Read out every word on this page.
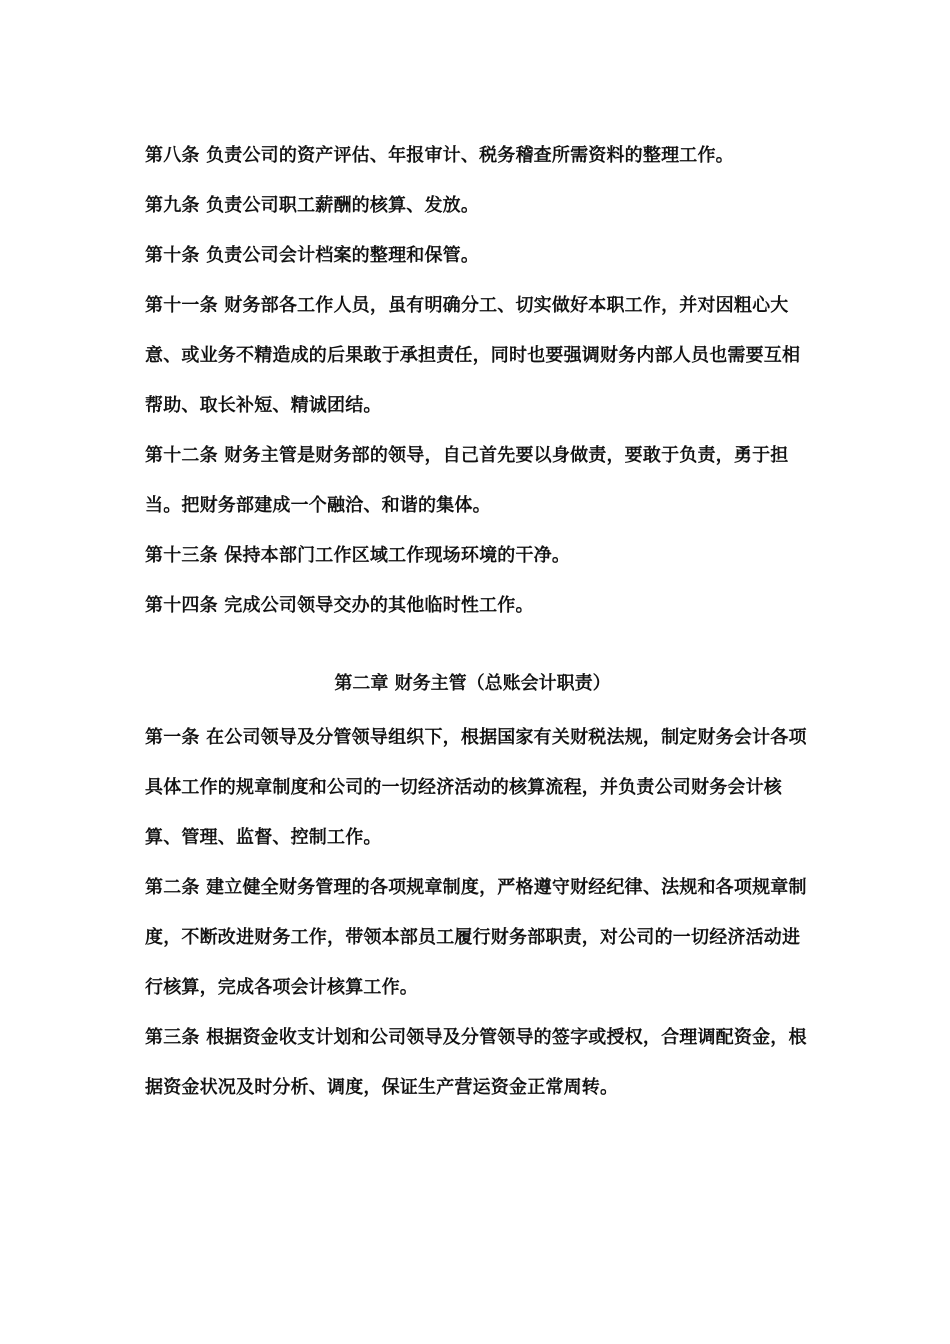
第八条 负责公司的资产评估、年报审计、税务稽查所需资料的整理工作。

第九条 负责公司职工薪酬的核算、发放。

第十条 负责公司会计档案的整理和保管。

第十一条 财务部各工作人员，虽有明确分工、切实做好本职工作，并对因粗心大意、或业务不精造成的后果敢于承担责任，同时也要强调财务内部人员也需要互相帮助、取长补短、精诚团结。

第十二条 财务主管是财务部的领导，自己首先要以身做责，要敢于负责，勇于担当。把财务部建成一个融洽、和谐的集体。

第十三条 保持本部门工作区域工作现场环境的干净。

第十四条 完成公司领导交办的其他临时性工作。

第二章 财务主管（总账会计职责）

第一条 在公司领导及分管领导组织下，根据国家有关财税法规，制定财务会计各项具体工作的规章制度和公司的一切经济活动的核算流程，并负责公司财务会计核算、管理、监督、控制工作。

第二条 建立健全财务管理的各项规章制度，严格遵守财经纪律、法规和各项规章制度，不断改进财务工作，带领本部员工履行财务部职责，对公司的一切经济活动进行核算，完成各项会计核算工作。

第三条 根据资金收支计划和公司领导及分管领导的签字或授权，合理调配资金，根据资金状况及时分析、调度，保证生产营运资金正常周转。
